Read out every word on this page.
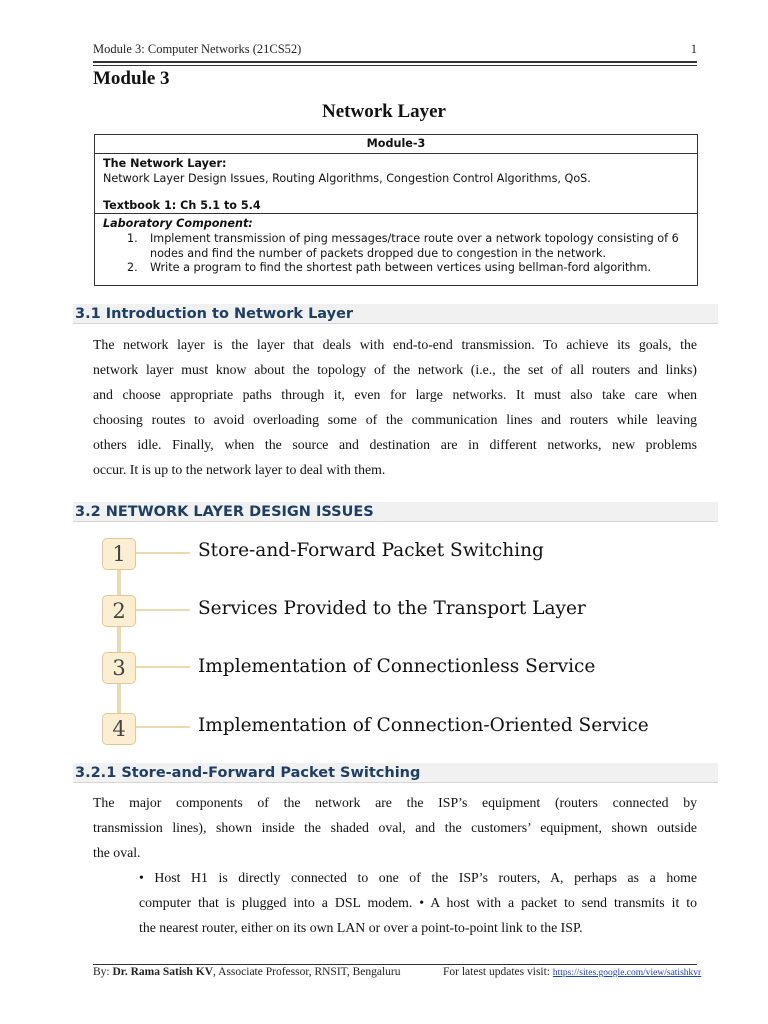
Module 3: Computer Networks (21CS52)	1
Module 3
Network Layer
Module-3
The Network Layer:
Network Layer Design Issues, Routing Algorithms, Congestion Control Algorithms, QoS.
Textbook 1: Ch 5.1 to 5.4
Laboratory Component:
1. Implement transmission of ping messages/trace route over a network topology consisting of 6
nodes and find the number of packets dropped due to congestion in the network.
2. Write a program to find the shortest path between vertices using bellman-ford algorithm.
3.1 Introduction to Network Layer
The network layer is the layer that deals with end-to-end transmission. To achieve its goals, the
network layer must know about the topology of the network (i.e., the set of all routers and links)
and choose appropriate paths through it, even for large networks. It must also take care when
choosing routes to avoid overloading some of the communication lines and routers while leaving
others idle. Finally, when the source and destination are in different networks, new problems
occur. It is up to the network layer to deal with them.
3.2 NETWORK LAYER DESIGN ISSUES
1	Store-and-Forward Packet Switching
2	Services Provided to the Transport Layer
3	Implementation of Connectionless Service
4	Implementation of Connection-Oriented Service
3.2.1 Store-and-Forward Packet Switching
The major components of the network are the ISP’s equipment (routers connected by
transmission lines), shown inside the shaded oval, and the customers’ equipment, shown outside
the oval.
• Host H1 is directly connected to one of the ISP’s routers, A, perhaps as a home
computer that is plugged into a DSL modem. • A host with a packet to send transmits it to
the nearest router, either on its own LAN or over a point-to-point link to the ISP.
By: Dr. Rama Satish KV, Associate Professor, RNSIT, Bengaluru	For latest updates visit: https://sites.google.com/view/satishkvr
